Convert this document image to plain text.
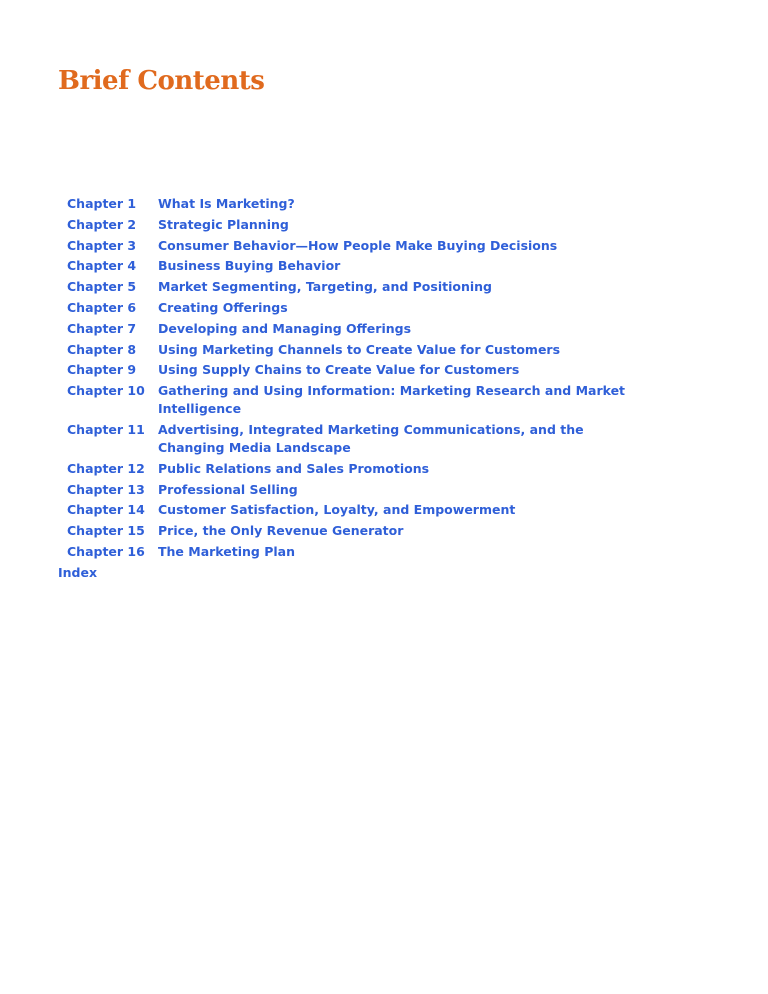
Brief Contents
Chapter 1	What Is Marketing?
Chapter 2	Strategic Planning
Chapter 3	Consumer Behavior—How People Make Buying Decisions
Chapter 4	Business Buying Behavior
Chapter 5	Market Segmenting, Targeting, and Positioning
Chapter 6	Creating Offerings
Chapter 7	Developing and Managing Offerings
Chapter 8	Using Marketing Channels to Create Value for Customers
Chapter 9	Using Supply Chains to Create Value for Customers
Chapter 10	Gathering and Using Information: Marketing Research and Market Intelligence
Chapter 11	Advertising, Integrated Marketing Communications, and the Changing Media Landscape
Chapter 12	Public Relations and Sales Promotions
Chapter 13	Professional Selling
Chapter 14	Customer Satisfaction, Loyalty, and Empowerment
Chapter 15	Price, the Only Revenue Generator
Chapter 16	The Marketing Plan
Index
